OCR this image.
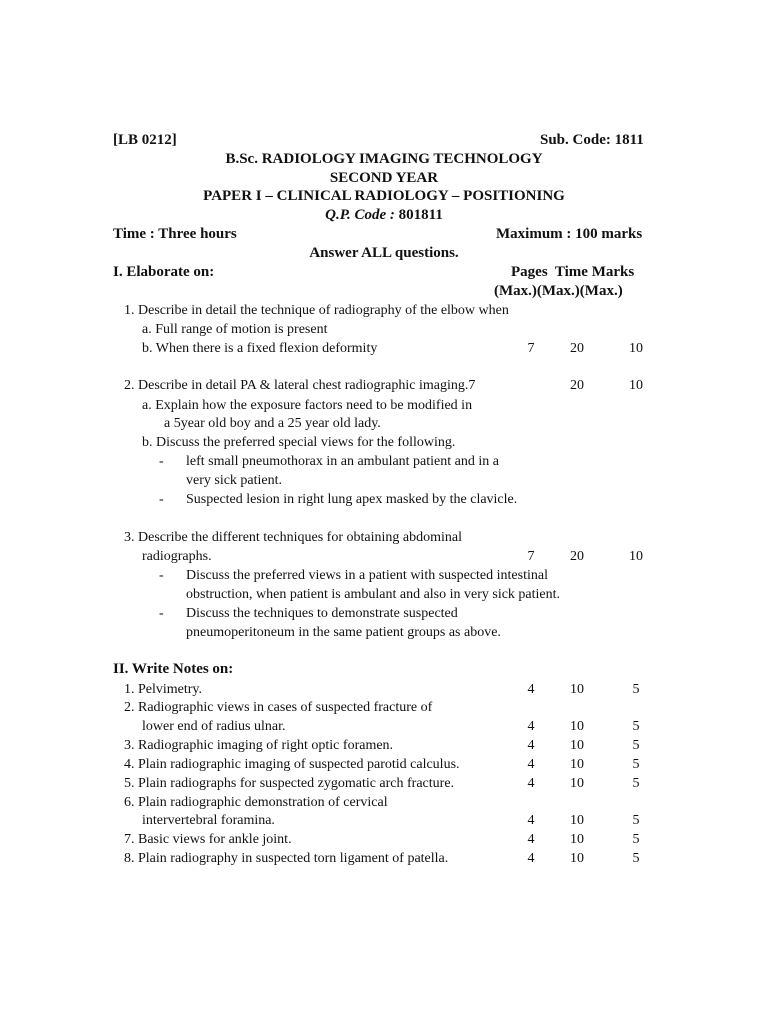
[LB 0212]	Sub. Code: 1811
B.Sc. RADIOLOGY IMAGING TECHNOLOGY
SECOND YEAR
PAPER I – CLINICAL RADIOLOGY – POSITIONING
Q.P. Code : 801811
Time : Three hours	Maximum : 100 marks
Answer ALL questions.
I. Elaborate on:	Pages  Time Marks
(Max.)(Max.)(Max.)
1. Describe in detail the technique of radiography of the elbow when
a. Full range of motion is present
b. When there is a fixed flexion deformity	7	20	10
2. Describe in detail PA & lateral chest radiographic imaging.7	20	10
a. Explain how the exposure factors need to be modified in
a 5year old boy and a 25 year old lady.
b. Discuss the preferred special views for the following.
- left small pneumothorax in an ambulant patient and in a
very sick patient.
- Suspected lesion in right lung apex masked by the clavicle.
3. Describe the different techniques for obtaining abdominal
radiographs.	7	20	10
- Discuss the preferred views in a patient with suspected intestinal
obstruction, when patient is ambulant and also in very sick patient.
- Discuss the techniques to demonstrate suspected
pneumoperitoneum in the same patient groups as above.
II. Write Notes on:
1. Pelvimetry.	4	10	5
2. Radiographic views in cases of suspected fracture of
lower end of radius ulnar.	4	10	5
3. Radiographic imaging of right optic foramen.	4	10	5
4. Plain radiographic imaging of suspected parotid calculus.	4	10	5
5. Plain radiographs for suspected zygomatic arch fracture.	4	10	5
6. Plain radiographic demonstration of cervical
intervertebral foramina.	4	10	5
7. Basic views for ankle joint.	4	10	5
8. Plain radiography in suspected torn ligament of patella.	4	10	5
